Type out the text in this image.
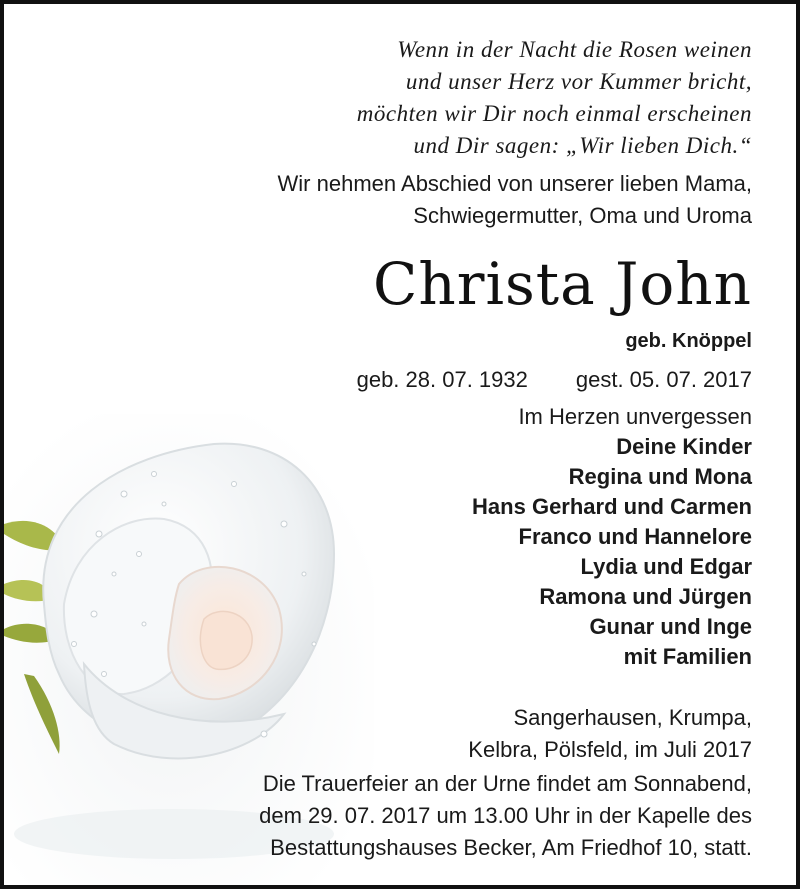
Wenn in der Nacht die Rosen weinen
und unser Herz vor Kummer bricht,
möchten wir Dir noch einmal erscheinen
und Dir sagen: „Wir lieben Dich.“
Wir nehmen Abschied von unserer lieben Mama,
Schwiegermutter, Oma und Uroma
Christa John
geb. Knöppel
geb. 28. 07. 1932 gest. 05. 07. 2017
Im Herzen unvergessen
Deine Kinder
Regina und Mona
Hans Gerhard und Carmen
Franco und Hannelore
Lydia und Edgar
Ramona und Jürgen
Gunar und Inge
mit Familien
Sangerhausen, Krumpa,
Kelbra, Pölsfeld, im Juli 2017
Die Trauerfeier an der Urne findet am Sonnabend,
dem 29. 07. 2017 um 13.00 Uhr in der Kapelle des
Bestattungshauses Becker, Am Friedhof 10, statt.
